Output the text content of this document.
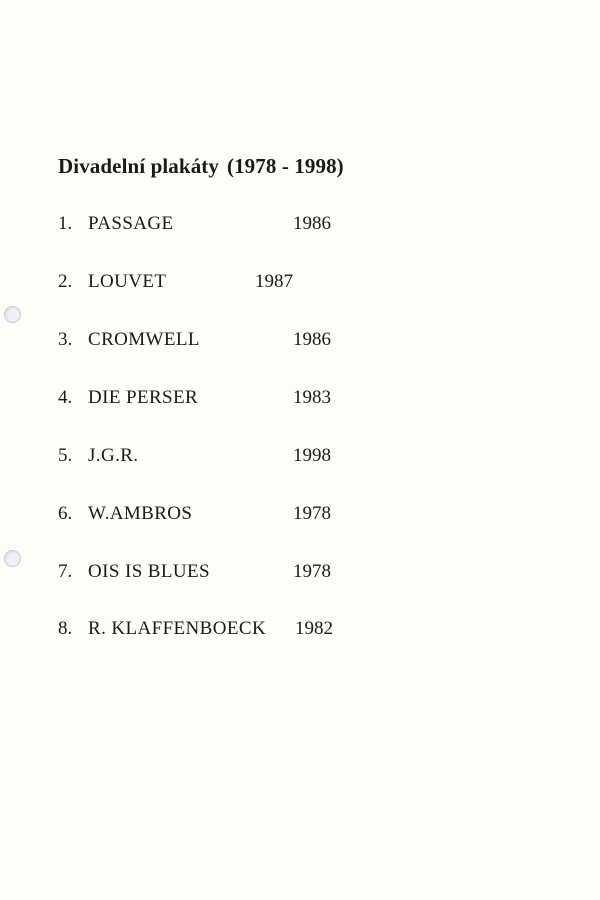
Divadelní plakáty (1978 - 1998)
1. PASSAGE	1986
2. LOUVET	1987
3. CROMWELL	1986
4. DIE PERSER	1983
5. J.G.R.	1998
6. W.AMBROS	1978
7. OIS IS BLUES	1978
8. R. KLAFFENBOECK 1982
